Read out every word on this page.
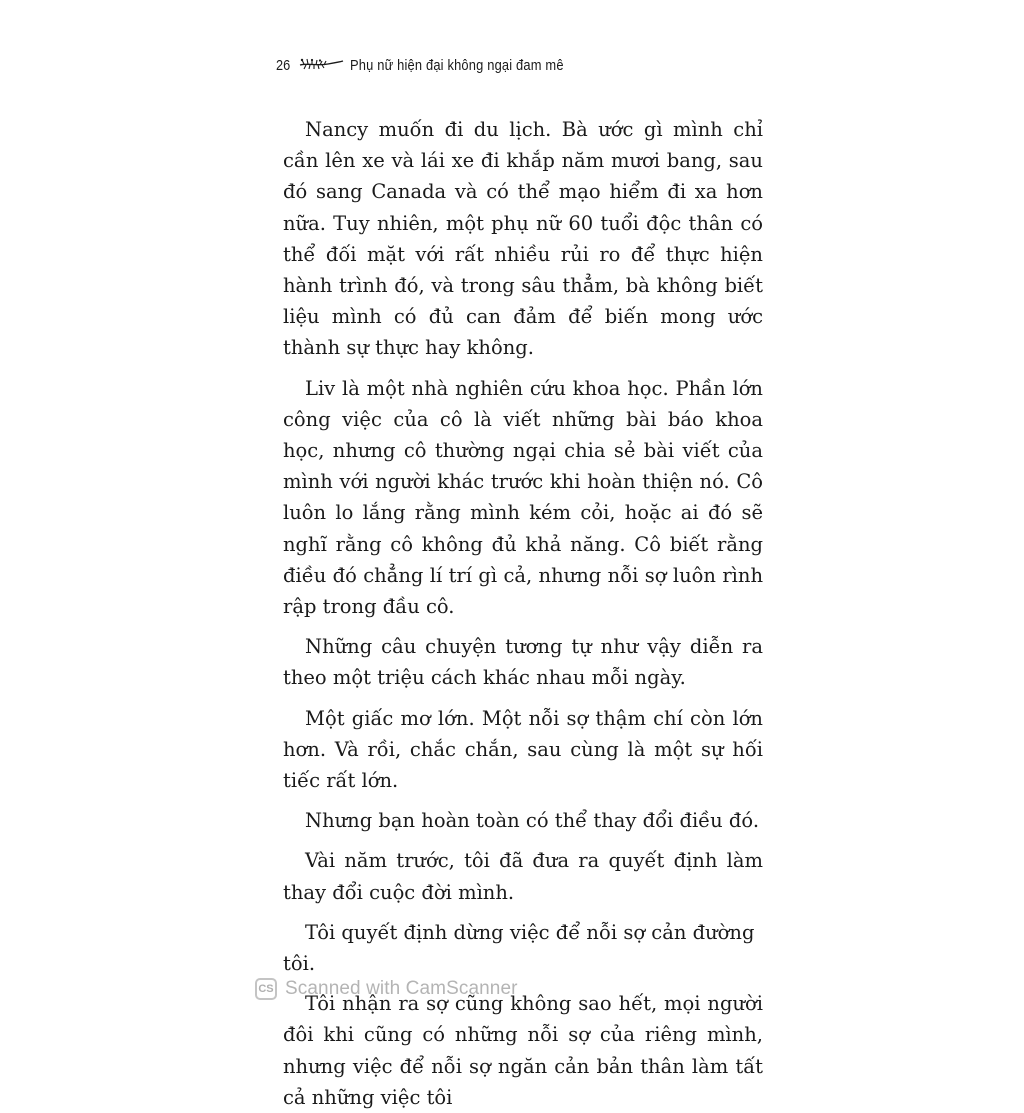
26	Phụ nữ hiện đại không ngại đam mê

Nancy muốn đi du lịch. Bà ước gì mình chỉ cần lên xe và lái xe đi khắp năm mươi bang, sau đó sang Canada và có thể mạo hiểm đi xa hơn nữa. Tuy nhiên, một phụ nữ 60 tuổi độc thân có thể đối mặt với rất nhiều rủi ro để thực hiện hành trình đó, và trong sâu thẳm, bà không biết liệu mình có đủ can đảm để biến mong ước thành sự thực hay không.

Liv là một nhà nghiên cứu khoa học. Phần lớn công việc của cô là viết những bài báo khoa học, nhưng cô thường ngại chia sẻ bài viết của mình với người khác trước khi hoàn thiện nó. Cô luôn lo lắng rằng mình kém cỏi, hoặc ai đó sẽ nghĩ rằng cô không đủ khả năng. Cô biết rằng điều đó chẳng lí trí gì cả, nhưng nỗi sợ luôn rình rập trong đầu cô.

Những câu chuyện tương tự như vậy diễn ra theo một triệu cách khác nhau mỗi ngày.

Một giấc mơ lớn. Một nỗi sợ thậm chí còn lớn hơn. Và rồi, chắc chắn, sau cùng là một sự hối tiếc rất lớn.

Nhưng bạn hoàn toàn có thể thay đổi điều đó.

Vài năm trước, tôi đã đưa ra quyết định làm thay đổi cuộc đời mình.

Tôi quyết định dừng việc để nỗi sợ cản đường tôi.

Tôi nhận ra sợ cũng không sao hết, mọi người đôi khi cũng có những nỗi sợ của riêng mình, nhưng việc để nỗi sợ ngăn cản bản thân làm tất cả những việc tôi

CS Scanned with CamScanner
